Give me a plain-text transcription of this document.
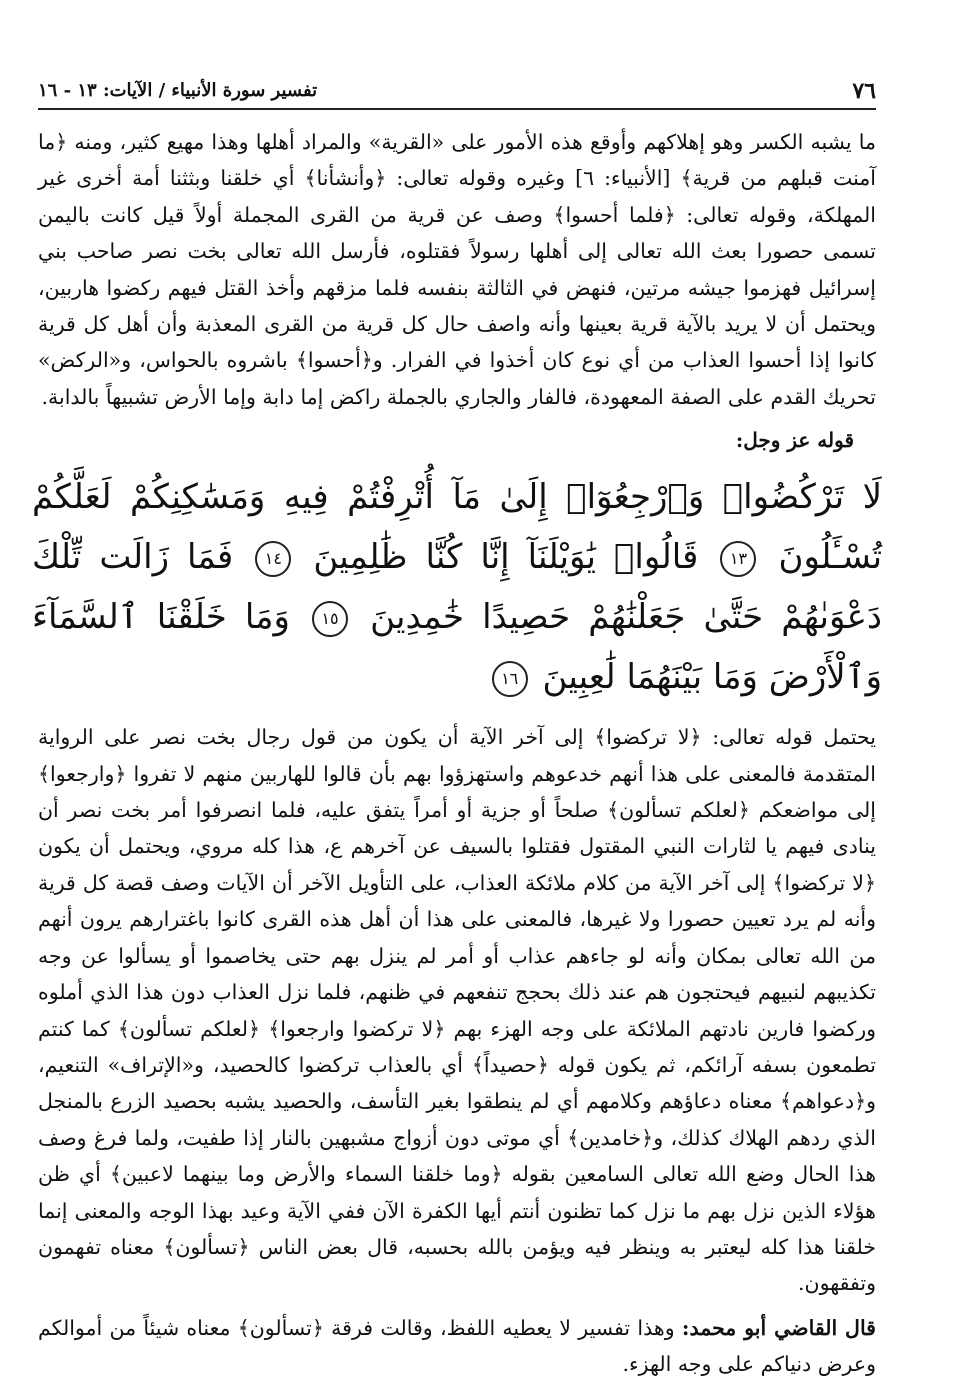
٧٦
تفسير سورة الأنبياء / الآيات: ١٣ - ١٦

ما يشبه الكسر وهو إهلاكهم وأوقع هذه الأمور على «القرية» والمراد أهلها وهذا مهيع كثير، ومنه ﴿ما آمنت قبلهم من قرية﴾ [الأنبياء: ٦] وغيره وقوله تعالى: ﴿وأنشأنا﴾ أي خلقنا وبثثنا أمة أخرى غير المهلكة، وقوله تعالى: ﴿فلما أحسوا﴾ وصف عن قرية من القرى المجملة أولاً قيل كانت باليمن تسمى حصورا بعث الله تعالى إلى أهلها رسولاً فقتلوه، فأرسل الله تعالى بخت نصر صاحب بني إسرائيل فهزموا جيشه مرتين، فنهض في الثالثة بنفسه فلما مزقهم وأخذ القتل فيهم ركضوا هاربين، ويحتمل أن لا يريد بالآية قرية بعينها وأنه واصف حال كل قرية من القرى المعذبة وأن أهل كل قرية كانوا إذا أحسوا العذاب من أي نوع كان أخذوا في الفرار. و﴿أحسوا﴾ باشروه بالحواس، و«الركض» تحريك القدم على الصفة المعهودة، فالفار والجاري بالجملة راكض إما دابة وإما الأرض تشبيهاً بالدابة.

قوله عز وجل:

لَا تَرْكُضُوا۟ وَٱرْجِعُوٓا۟ إِلَىٰ مَآ أُتْرِفْتُمْ فِيهِ وَمَسَٰكِنِكُمْ لَعَلَّكُمْ تُسْـَٔلُونَ ١٣ قَالُوا۟ يَٰوَيْلَنَآ إِنَّا كُنَّا ظَٰلِمِينَ ١٤ فَمَا زَالَت تِّلْكَ دَعْوَىٰهُمْ حَتَّىٰ جَعَلْنَٰهُمْ حَصِيدًا خَٰمِدِينَ ١٥ وَمَا خَلَقْنَا ٱلسَّمَآءَ وَٱلْأَرْضَ وَمَا بَيْنَهُمَا لَٰعِبِينَ ١٦

يحتمل قوله تعالى: ﴿لا تركضوا﴾ إلى آخر الآية أن يكون من قول رجال بخت نصر على الرواية المتقدمة فالمعنى على هذا أنهم خدعوهم واستهزؤوا بهم بأن قالوا للهاربين منهم لا تفروا ﴿وارجعوا﴾ إلى مواضعكم ﴿لعلكم تسألون﴾ صلحاً أو جزية أو أمراً يتفق عليه، فلما انصرفوا أمر بخت نصر أن ينادى فيهم يا لثارات النبي المقتول فقتلوا بالسيف عن آخرهم ع، هذا كله مروي، ويحتمل أن يكون ﴿لا تركضوا﴾ إلى آخر الآية من كلام ملائكة العذاب، على التأويل الآخر أن الآيات وصف قصة كل قرية وأنه لم يرد تعيين حصورا ولا غيرها، فالمعنى على هذا أن أهل هذه القرى كانوا باغترارهم يرون أنهم من الله تعالى بمكان وأنه لو جاءهم عذاب أو أمر لم ينزل بهم حتى يخاصموا أو يسألوا عن وجه تكذيبهم لنبيهم فيحتجون هم عند ذلك بحجج تنفعهم في ظنهم، فلما نزل العذاب دون هذا الذي أملوه وركضوا فارين نادتهم الملائكة على وجه الهزء بهم ﴿لا تركضوا وارجعوا﴾ ﴿لعلكم تسألون﴾ كما كنتم تطمعون بسفه آرائكم، ثم يكون قوله ﴿حصيداً﴾ أي بالعذاب تركضوا كالحصيد، و«الإتراف» التنعيم، و﴿دعواهم﴾ معناه دعاؤهم وكلامهم أي لم ينطقوا بغير التأسف، والحصيد يشبه بحصيد الزرع بالمنجل الذي ردهم الهلاك كذلك، و﴿خامدين﴾ أي موتى دون أزواج مشبهين بالنار إذا طفيت، ولما فرغ وصف هذا الحال وضع الله تعالى السامعين بقوله ﴿وما خلقنا السماء والأرض وما بينهما لاعبين﴾ أي ظن هؤلاء الذين نزل بهم ما نزل كما تظنون أنتم أيها الكفرة الآن ففي الآية وعيد بهذا الوجه والمعنى إنما خلقنا هذا كله ليعتبر به وينظر فيه ويؤمن بالله بحسبه، قال بعض الناس ﴿تسألون﴾ معناه تفهمون وتفقهون.

قال القاضي أبو محمد: وهذا تفسير لا يعطيه اللفظ، وقالت فرقة ﴿تسألون﴾ معناه شيئاً من أموالكم وعرض دنياكم على وجه الهزء.
